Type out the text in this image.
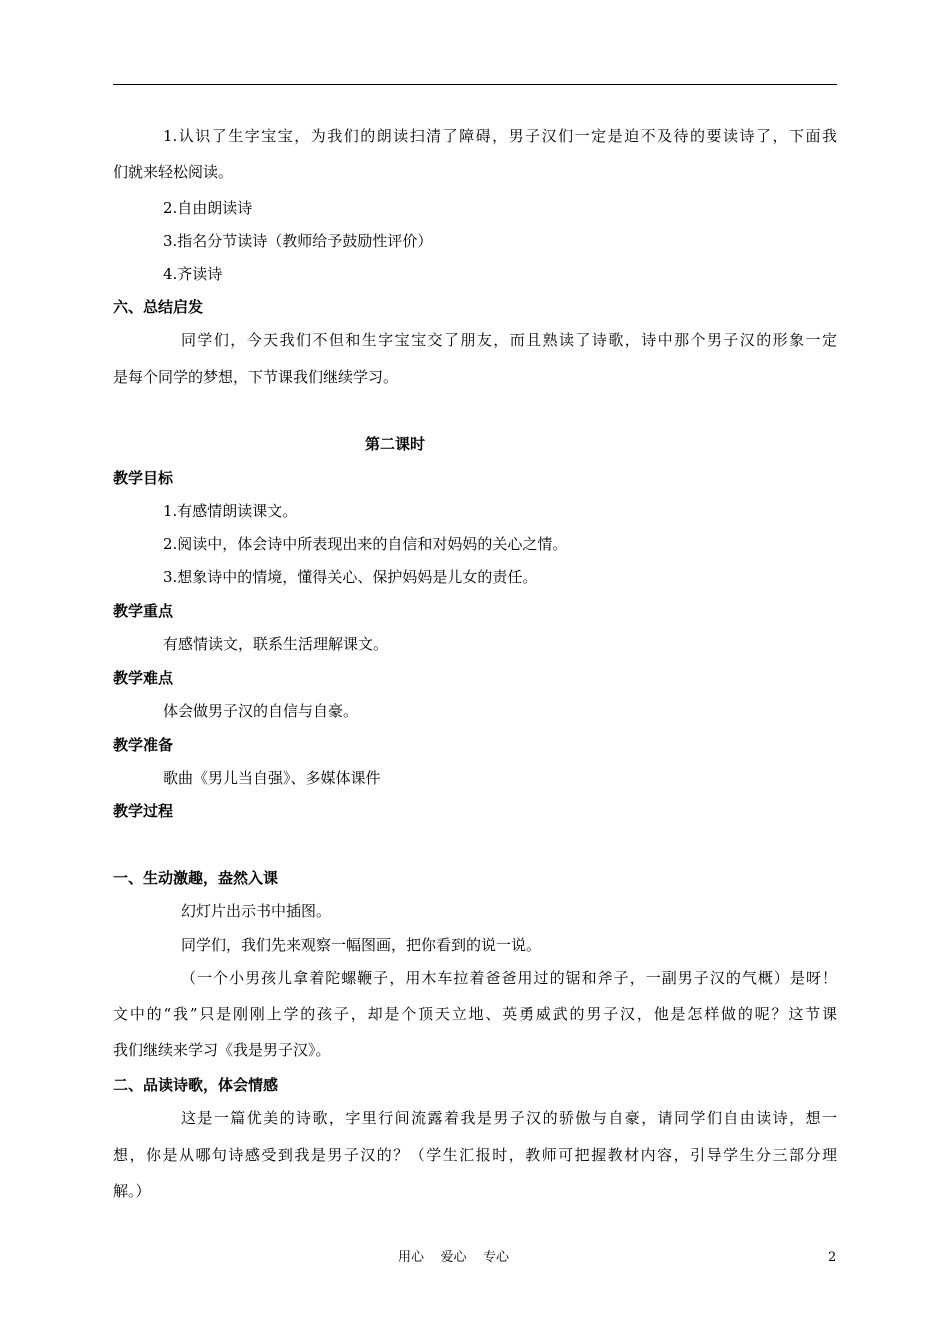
1.认识了生字宝宝，为我们的朗读扫清了障碍，男子汉们一定是迫不及待的要读诗了，下面我
们就来轻松阅读。
2.自由朗读诗
3.指名分节读诗（教师给予鼓励性评价）
4.齐读诗
六、总结启发
同学们，今天我们不但和生字宝宝交了朋友，而且熟读了诗歌，诗中那个男子汉的形象一定
是每个同学的梦想，下节课我们继续学习。
第二课时
教学目标
1.有感情朗读课文。
2.阅读中，体会诗中所表现出来的自信和对妈妈的关心之情。
3.想象诗中的情境，懂得关心、保护妈妈是儿女的责任。
教学重点
有感情读文，联系生活理解课文。
教学难点
体会做男子汉的自信与自豪。
教学准备
歌曲《男儿当自强》、多媒体课件
教学过程
一、生动激趣，盎然入课
幻灯片出示书中插图。
同学们，我们先来观察一幅图画，把你看到的说一说。
（一个小男孩儿拿着陀螺鞭子，用木车拉着爸爸用过的锯和斧子，一副男子汉的气概）是呀！
文中的“我”只是刚刚上学的孩子，却是个顶天立地、英勇威武的男子汉，他是怎样做的呢？这节课
我们继续来学习《我是男子汉》。
二、品读诗歌，体会情感
这是一篇优美的诗歌，字里行间流露着我是男子汉的骄傲与自豪，请同学们自由读诗，想一
想，你是从哪句诗感受到我是男子汉的？（学生汇报时，教师可把握教材内容，引导学生分三部分理
解。）
用心    爱心    专心	2
